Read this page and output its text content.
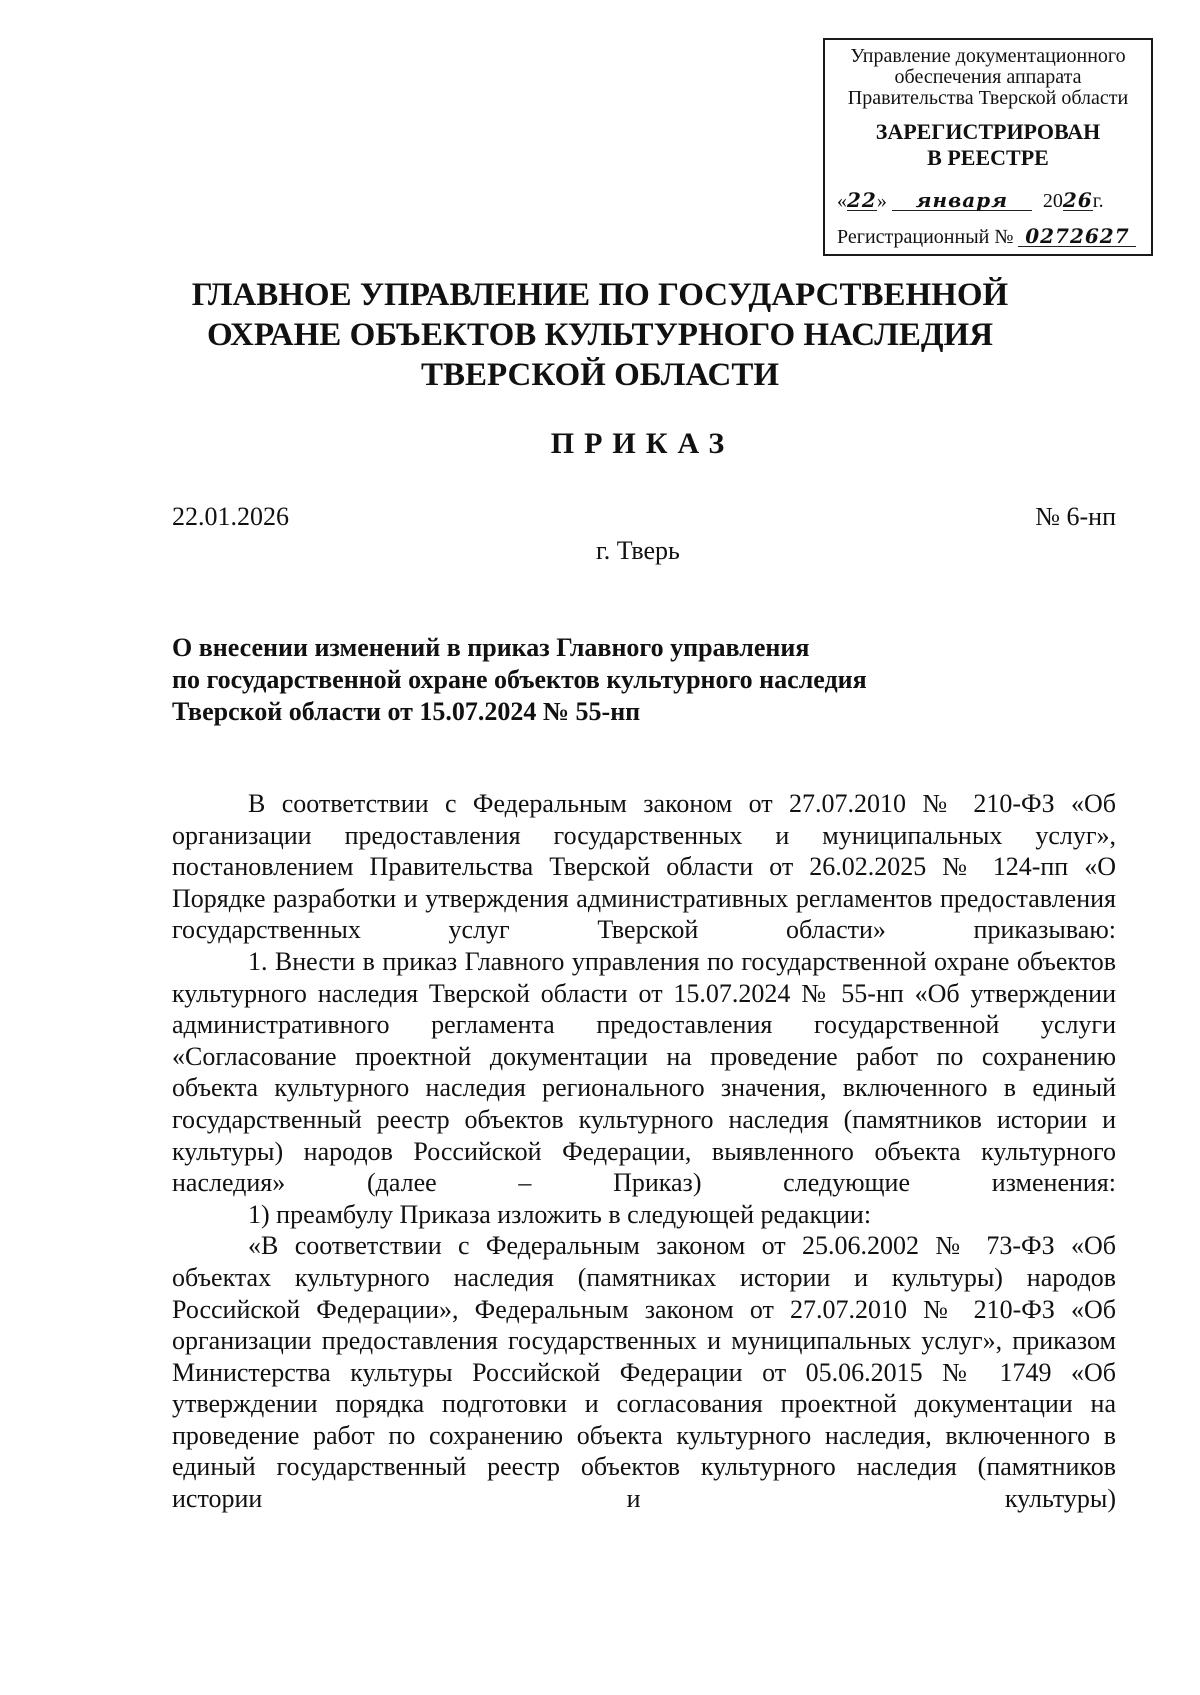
Управление документационного
обеспечения аппарата
Правительства Тверской области
ЗАРЕГИСТРИРОВАН
В РЕЕСТРЕ
«22» января 2026г.
Регистрационный № 0272627
ГЛАВНОЕ УПРАВЛЕНИЕ ПО ГОСУДАРСТВЕННОЙ
ОХРАНЕ ОБЪЕКТОВ КУЛЬТУРНОГО НАСЛЕДИЯ
ТВЕРСКОЙ ОБЛАСТИ
ПРИКАЗ
22.01.2026	№ 6-нп
г. Тверь
О внесении изменений в приказ Главного управления
по государственной охране объектов культурного наследия
Тверской области от 15.07.2024 № 55-нп

В соответствии с Федеральным законом от 27.07.2010 № 210-ФЗ «Об организации предоставления государственных и муниципальных услуг», постановлением Правительства Тверской области от 26.02.2025 № 124-пп «О Порядке разработки и утверждения административных регламентов предоставления государственных услуг Тверской области» приказываю:

1. Внести в приказ Главного управления по государственной охране объектов культурного наследия Тверской области от 15.07.2024 № 55-нп «Об утверждении административного регламента предоставления государственной услуги «Согласование проектной документации на проведение работ по сохранению объекта культурного наследия регионального значения, включенного в единый государственный реестр объектов культурного наследия (памятников истории и культуры) народов Российской Федерации, выявленного объекта культурного наследия» (далее – Приказ) следующие изменения:

1) преамбулу Приказа изложить в следующей редакции:

«В соответствии с Федеральным законом от 25.06.2002 № 73-ФЗ «Об объектах культурного наследия (памятниках истории и культуры) народов Российской Федерации», Федеральным законом от 27.07.2010 № 210-ФЗ «Об организации предоставления государственных и муниципальных услуг», приказом Министерства культуры Российской Федерации от 05.06.2015 № 1749 «Об утверждении порядка подготовки и согласования проектной документации на проведение работ по сохранению объекта культурного наследия, включенного в единый государственный реестр объектов культурного наследия (памятников истории и культуры)
